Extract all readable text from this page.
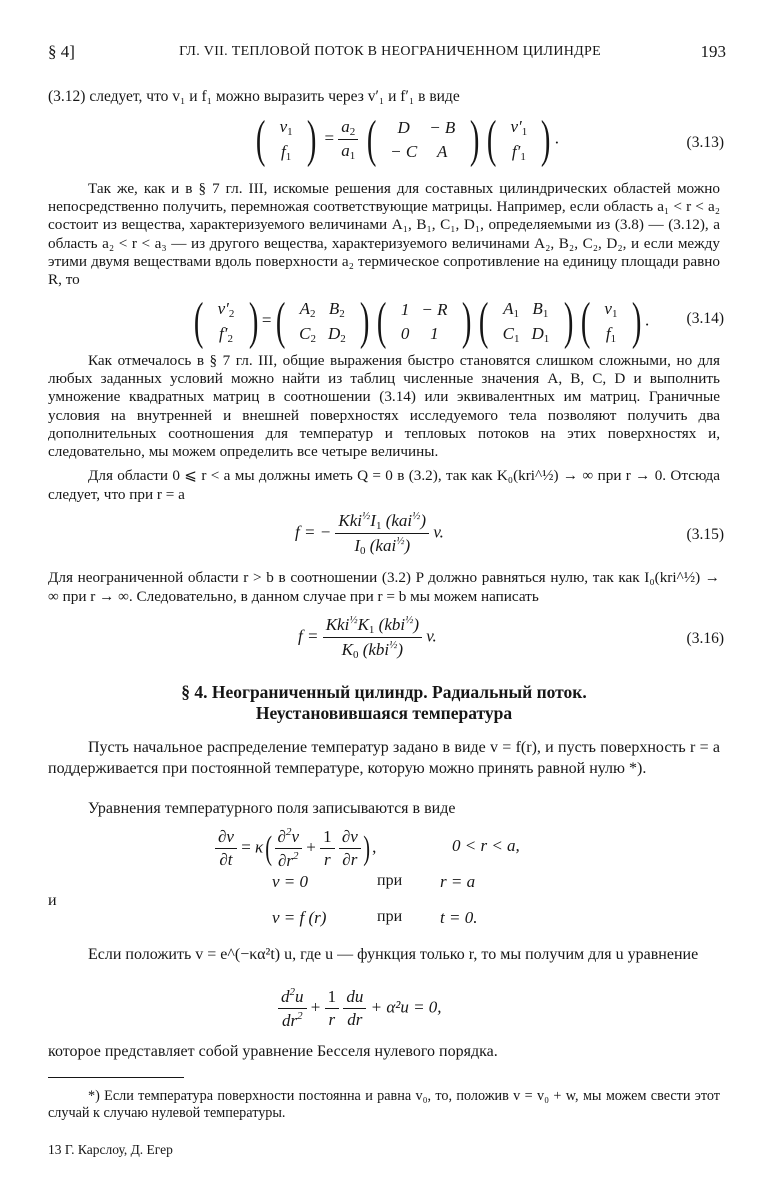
§ 4]	ГЛ. VII. ТЕПЛОВОЙ ПОТОК В НЕОГРАНИЧЕННОМ ЦИЛИНДРЕ	193
(3.12) следует, что v₁ и f₁ можно выразить через v′₁ и f′₁ в виде
( $v_1$
$f_1$ ) = $\frac{a_2}{a_1}$ ( D	− B
− C	A ) ( $v'_1$
$f'_1$ ) .	(3.13)
Так же, как и в § 7 гл. III, искомые решения для составных цилиндрических областей можно непосредственно получить, перемножая соответствующие матрицы. Например, если область a₁ < r < a₂ состоит из вещества, характеризуемого величинами A₁, B₁, C₁, D₁, определяемыми из (3.8) — (3.12), а область a₂ < r < a₃ — из другого вещества, характеризуемого величинами A₂, B₂, C₂, D₂, и если между этими двумя веществами вдоль поверхности a₂ термическое сопротивление на единицу площади равно R, то
( $v'_2$
$f'_2$ ) =( $A_2$	$B_2$
$C_2$	$D_2$ ) ( 1	− R
0	1 ) ( $A_1$	$B_1$
$C_1$	$D_1$ ) ( $v_1$
$f_1$ ) . (3.14)
Как отмечалось в § 7 гл. III, общие выражения быстро становятся слишком сложными, но для любых заданных условий можно найти из таблиц численные значения A, B, C, D и выполнить умножение квадратных матриц в соотношении (3.14) или эквивалентных им матриц. Граничные условия на внутренней и внешней поверхностях исследуемого тела позволяют получить два дополнительных соотношения для температур и тепловых потоков на этих поверхностях и, следовательно, мы можем определить все четыре величины.
Для области 0 ⩽ r < a мы должны иметь Q = 0 в (3.2), так как K₀(kri^½) → ∞ при r → 0. Отсюда следует, что при r = a
f = − $\frac{Kki^{\frac{1}{2}}I_1 (kai^{\frac{1}{2}})}{I_0 (kai^{\frac{1}{2}})} v$.	(3.15)
Для неограниченной области r > b в соотношении (3.2) P должно равняться нулю, так как I₀(kri^½) → ∞ при r → ∞. Следовательно, в данном случае при r = b мы можем написать
$f = \frac{Kki^{\frac{1}{2}}K_1 (kbi^{\frac{1}{2}})}{K_0 (kbi^{\frac{1}{2}})} v$.	(3.16)
§ 4. Неограниченный цилиндр. Радиальный поток.
Неустановившаяся температура
Пусть начальное распределение температур задано в виде v = f(r), и пусть поверхность r = a поддерживается при постоянной температуре, которую можно принять равной нулю *).
Уравнения температурного поля записываются в виде
$\frac{\partial v}{\partial t} = \kappa( \frac{\partial^2v}{\partial r^2} + \frac{1}{r}$
$\frac{\partial v}{\partial r}$ ) ,	0 < r < a,
v = 0	при r = a
и
v = f (r)	при t = 0.
Если положить v = e^(−κα²t) u, где u — функция только r, то мы получим для u уравнение
$\frac{d^2u}{dr^2} + \frac{1}{r}$
$\frac{du}{dr} + \alpha^2u = 0$,
которое представляет собой уравнение Бесселя нулевого порядка.
*) Если температура поверхности постоянна и равна v₀, то, положив v = v₀ + w, мы можем свести этот случай к случаю нулевой температуры.
13 Г. Карслоу, Д. Егер
